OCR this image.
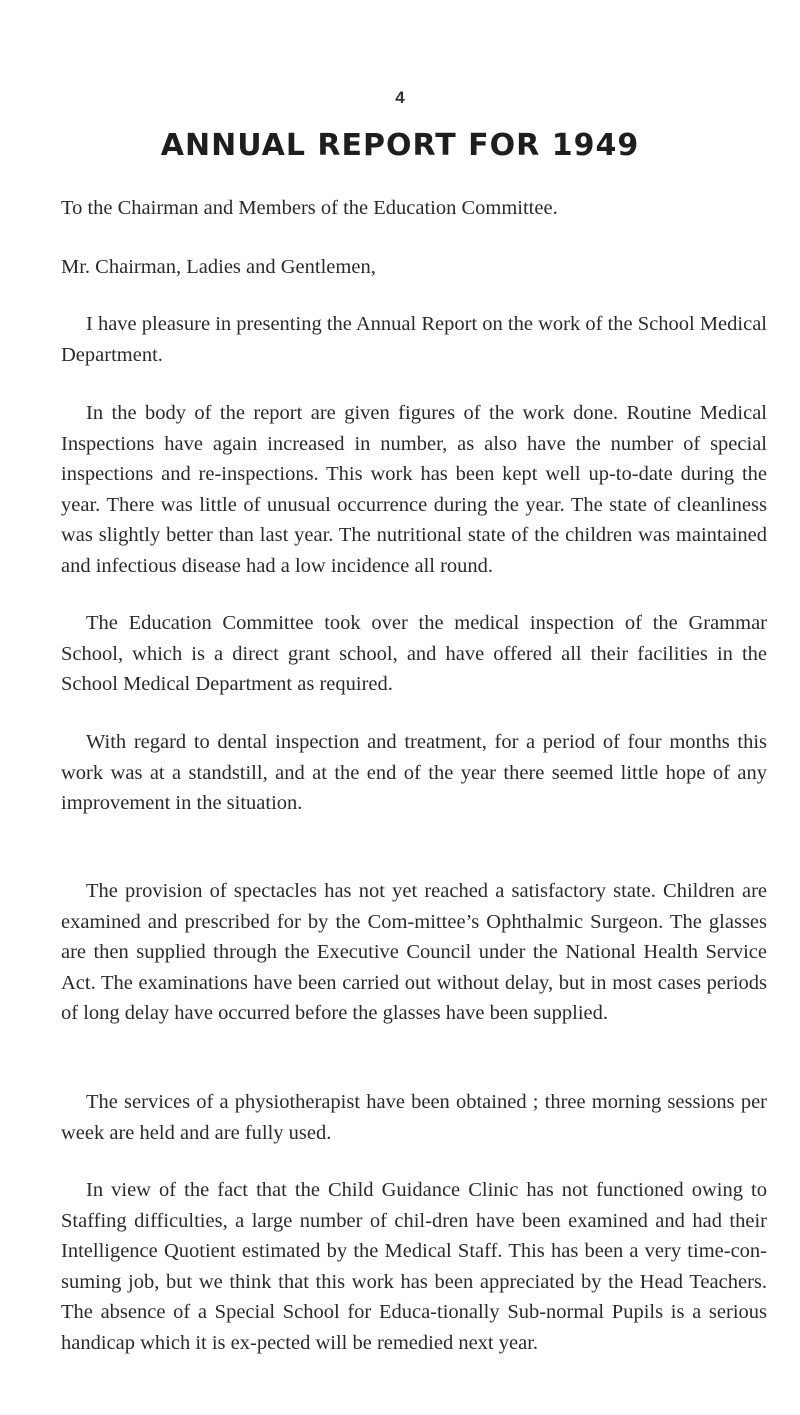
4
ANNUAL REPORT FOR 1949
To the Chairman and Members of the Education Committee.
Mr. Chairman, Ladies and Gentlemen,

I have pleasure in presenting the Annual Report on the work of the School Medical Department.

In the body of the report are given figures of the work done. Routine Medical Inspections have again increased in number, as also have the number of special inspections and re-inspections. This work has been kept well up-to-date during the year. There was little of unusual occurrence during the year. The state of cleanliness was slightly better than last year. The nutritional state of the children was maintained and infectious disease had a low incidence all round.

The Education Committee took over the medical inspection of the Grammar School, which is a direct grant school, and have offered all their facilities in the School Medical Department as required.

With regard to dental inspection and treatment, for a period of four months this work was at a standstill, and at the end of the year there seemed little hope of any improvement in the situation.

The provision of spectacles has not yet reached a satisfactory state. Children are examined and prescribed for by the Com-mittee’s Ophthalmic Surgeon. The glasses are then supplied through the Executive Council under the National Health Service Act. The examinations have been carried out without delay, but in most cases periods of long delay have occurred before the glasses have been supplied.

The services of a physiotherapist have been obtained ; three morning sessions per week are held and are fully used.

In view of the fact that the Child Guidance Clinic has not functioned owing to Staffing difficulties, a large number of chil-dren have been examined and had their Intelligence Quotient estimated by the Medical Staff. This has been a very time-con-suming job, but we think that this work has been appreciated by the Head Teachers. The absence of a Special School for Educa-tionally Sub-normal Pupils is a serious handicap which it is ex-pected will be remedied next year.
